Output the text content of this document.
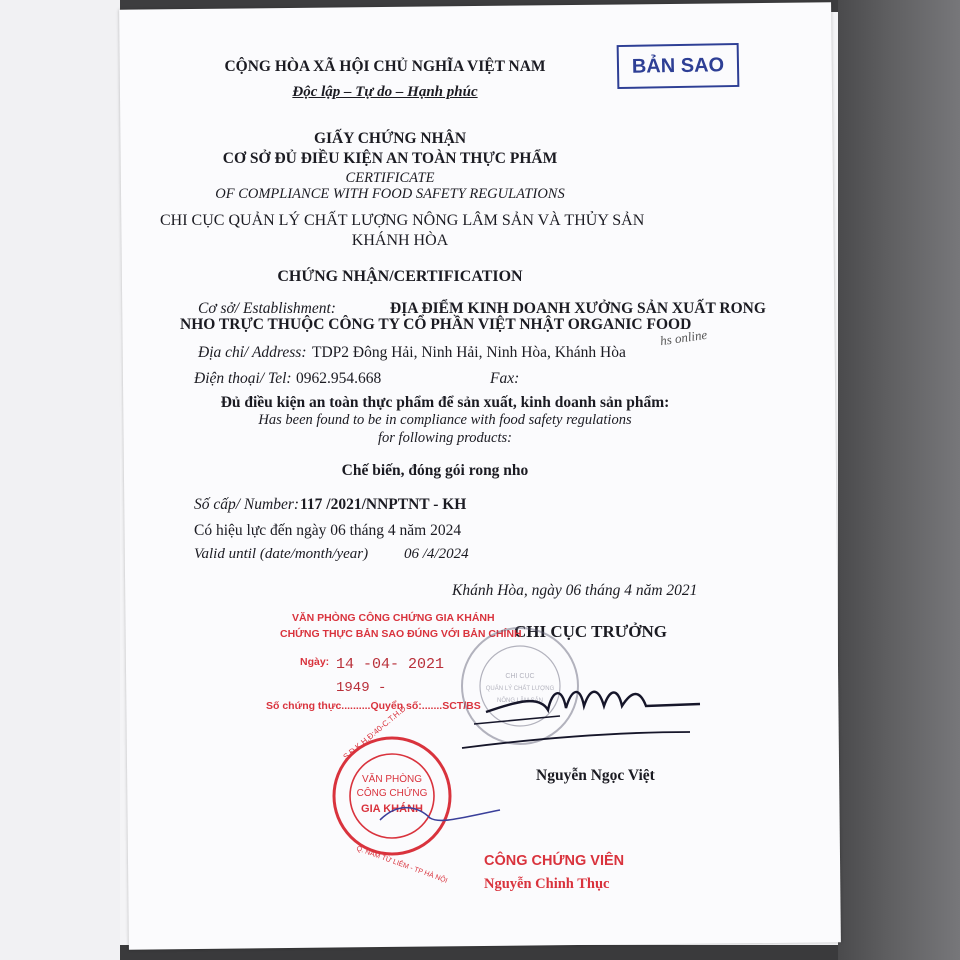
CỘNG HÒA XÃ HỘI CHỦ NGHĨA VIỆT NAM
Độc lập – Tự do – Hạnh phúc
BẢN SAO
GIẤY CHỨNG NHẬN
CƠ SỞ ĐỦ ĐIỀU KIỆN AN TOÀN THỰC PHẨM
CERTIFICATE
OF COMPLIANCE WITH FOOD SAFETY REGULATIONS
CHI CỤC QUẢN LÝ CHẤT LƯỢNG NÔNG LÂM SẢN VÀ THỦY SẢN
KHÁNH HÒA
CHỨNG NHẬN/CERTIFICATION
Cơ sở/ Establishment:	ĐỊA ĐIỂM KINH DOANH XƯỞNG SẢN XUẤT RONG
NHO TRỰC THUỘC CÔNG TY CỔ PHẦN VIỆT NHẬT ORGANIC FOOD
Địa chỉ/ Address: TDP2 Đông Hải, Ninh Hải, Ninh Hòa, Khánh Hòa
hs online
Điện thoại/ Tel: 0962.954.668	Fax:
Đủ điều kiện an toàn thực phẩm để sản xuất, kinh doanh sản phẩm:
Has been found to be in compliance with food safety regulations
for following products:
Chế biến, đóng gói rong nho
Số cấp/ Number: 117 /2021/NNPTNT - KH
Có hiệu lực đến ngày 06 tháng 4 năm 2024
Valid until (date/month/year) 06 /4/2024
Khánh Hòa, ngày 06 tháng 4 năm 2021
CHI CỤC TRƯỞNG
Nguyễn Ngọc Việt
VĂN PHÒNG CÔNG CHỨNG GIA KHÁNH
CHỨNG THỰC BẢN SAO ĐÚNG VỚI BẢN CHÍNH
Ngày: 14 -04- 2021
1949 -
Số chứng thực..........Quyển số:.......SCT/BS
CÔNG CHỨNG VIÊN
Nguyễn Chinh Thục
CHI CỤC
QUẢN LÝ CHẤT LƯỢNG
NÔNG LÂM SẢN
VĂN PHÒNG
CÔNG CHỨNG
GIA KHÁNH
S.Đ.K.H.Đ:40-C.T.H.Đ
Q. NAM TỪ LIÊM - TP HÀ NỘI
